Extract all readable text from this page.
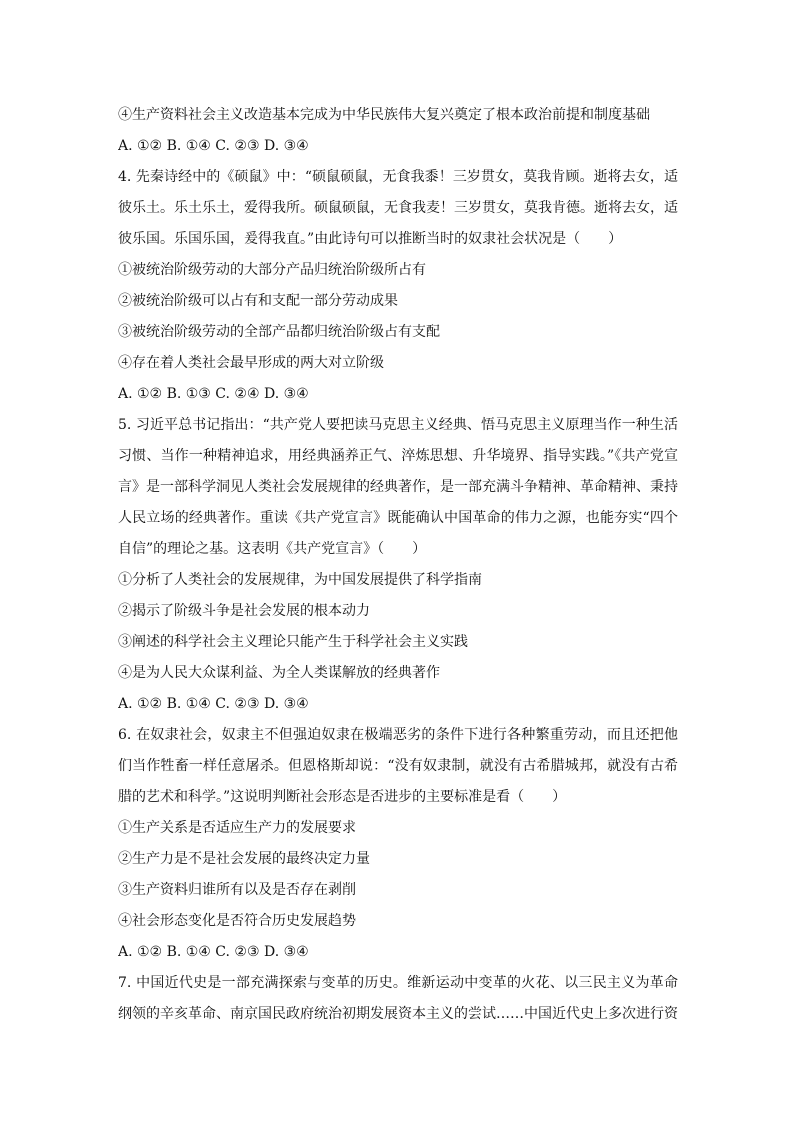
④生产资料社会主义改造基本完成为中华民族伟大复兴奠定了根本政治前提和制度基础
A. ①② B. ①④ C. ②③ D. ③④
4. 先秦诗经中的《硕鼠》中：“硕鼠硕鼠，无食我黍！三岁贯女，莫我肯顾。逝将去女，适彼乐土。乐土乐土，爱得我所。硕鼠硕鼠，无食我麦！三岁贯女，莫我肯德。逝将去女，适彼乐国。乐国乐国，爰得我直。”由此诗句可以推断当时的奴隶社会状况是（　　）
①被统治阶级劳动的大部分产品归统治阶级所占有
②被统治阶级可以占有和支配一部分劳动成果
③被统治阶级劳动的全部产品都归统治阶级占有支配
④存在着人类社会最早形成的两大对立阶级
A. ①② B. ①③ C. ②④ D. ③④
5. 习近平总书记指出：“共产党人要把读马克思主义经典、悟马克思主义原理当作一种生活习惯、当作一种精神追求，用经典涵养正气、淬炼思想、升华境界、指导实践。”《共产党宣言》是一部科学洞见人类社会发展规律的经典著作，是一部充满斗争精神、革命精神、秉持人民立场的经典著作。重读《共产党宣言》既能确认中国革命的伟力之源，也能夯实“四个自信”的理论之基。这表明《共产党宣言》（　　）
①分析了人类社会的发展规律，为中国发展提供了科学指南
②揭示了阶级斗争是社会发展的根本动力
③阐述的科学社会主义理论只能产生于科学社会主义实践
④是为人民大众谋利益、为全人类谋解放的经典著作
A. ①② B. ①④ C. ②③ D. ③④
6. 在奴隶社会，奴隶主不但强迫奴隶在极端恶劣的条件下进行各种繁重劳动，而且还把他们当作牲畜一样任意屠杀。但恩格斯却说：“没有奴隶制，就没有古希腊城邦，就没有古希腊的艺术和科学。”这说明判断社会形态是否进步的主要标准是看（　　）
①生产关系是否适应生产力的发展要求
②生产力是不是社会发展的最终决定力量
③生产资料归谁所有以及是否存在剥削
④社会形态变化是否符合历史发展趋势
A. ①② B. ①④ C. ②③ D. ③④
7. 中国近代史是一部充满探索与变革的历史。维新运动中变革的火花、以三民主义为革命纲领的辛亥革命、南京国民政府统治初期发展资本主义的尝试……中国近代史上多次进行资
